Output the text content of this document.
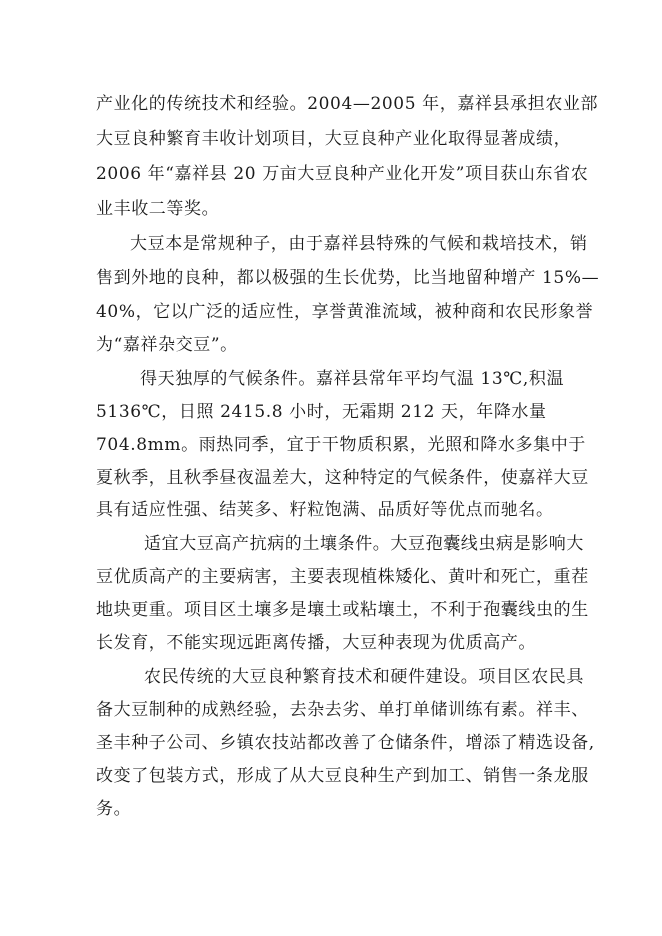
产业化的传统技术和经验。2004—2005 年，嘉祥县承担农业部
大豆良种繁育丰收计划项目，大豆良种产业化取得显著成绩，
2006 年“嘉祥县 20 万亩大豆良种产业化开发”项目获山东省农
业丰收二等奖。
大豆本是常规种子，由于嘉祥县特殊的气候和栽培技术，销
售到外地的良种，都以极强的生长优势，比当地留种增产 15%—
40%，它以广泛的适应性，享誉黄淮流域，被种商和农民形象誉
为“嘉祥杂交豆”。
得天独厚的气候条件。嘉祥县常年平均气温 13℃,积温
5136℃，日照 2415.8 小时，无霜期 212 天，年降水量
704.8mm。雨热同季，宜于干物质积累，光照和降水多集中于
夏秋季，且秋季昼夜温差大，这种特定的气候条件，使嘉祥大豆
具有适应性强、结荚多、籽粒饱满、品质好等优点而驰名。
适宜大豆高产抗病的土壤条件。大豆孢囊线虫病是影响大
豆优质高产的主要病害，主要表现植株矮化、黄叶和死亡，重茬
地块更重。项目区土壤多是壤土或粘壤土，不利于孢囊线虫的生
长发育，不能实现远距离传播，大豆种表现为优质高产。
农民传统的大豆良种繁育技术和硬件建设。项目区农民具
备大豆制种的成熟经验，去杂去劣、单打单储训练有素。祥丰、
圣丰种子公司、乡镇农技站都改善了仓储条件，增添了精选设备,
改变了包装方式，形成了从大豆良种生产到加工、销售一条龙服
务。
